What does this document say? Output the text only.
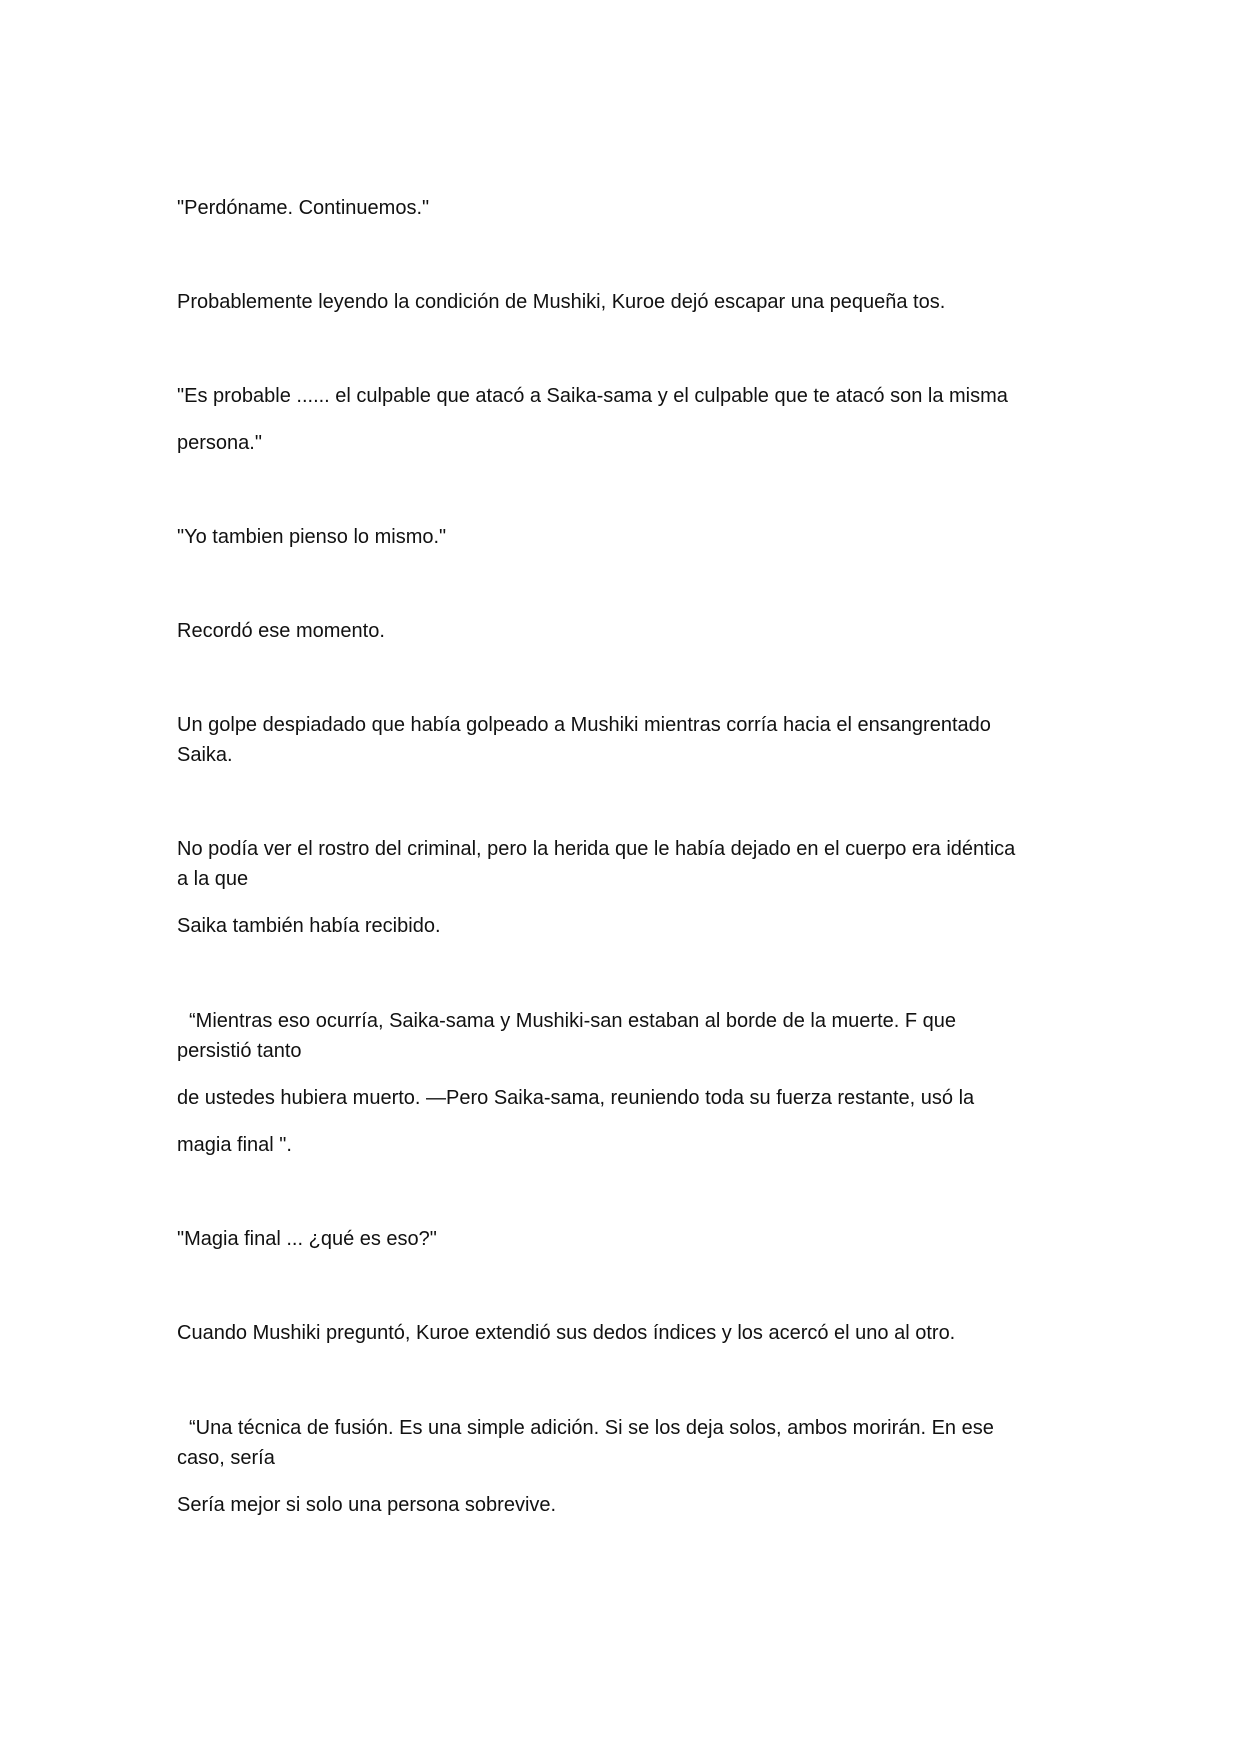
"Perdóname. Continuemos."

Probablemente leyendo la condición de Mushiki, Kuroe dejó escapar una pequeña tos.

"Es probable ...... el culpable que atacó a Saika-sama y el culpable que te atacó son la misma

persona."

"Yo tambien pienso lo mismo."

Recordó ese momento.

Un golpe despiadado que había golpeado a Mushiki mientras corría hacia el ensangrentado

Saika.

No podía ver el rostro del criminal, pero la herida que le había dejado en el cuerpo era idéntica

a la que

Saika también había recibido.

“Mientras eso ocurría, Saika-sama y Mushiki-san estaban al borde de la muerte. F que

persistió tanto

de ustedes hubiera muerto. —Pero Saika-sama, reuniendo toda su fuerza restante, usó la

magia final ".

"Magia final ... ¿qué es eso?"

Cuando Mushiki preguntó, Kuroe extendió sus dedos índices y los acercó el uno al otro.

“Una técnica de fusión. Es una simple adición. Si se los deja solos, ambos morirán. En ese

caso, sería

Sería mejor si solo una persona sobrevive.
